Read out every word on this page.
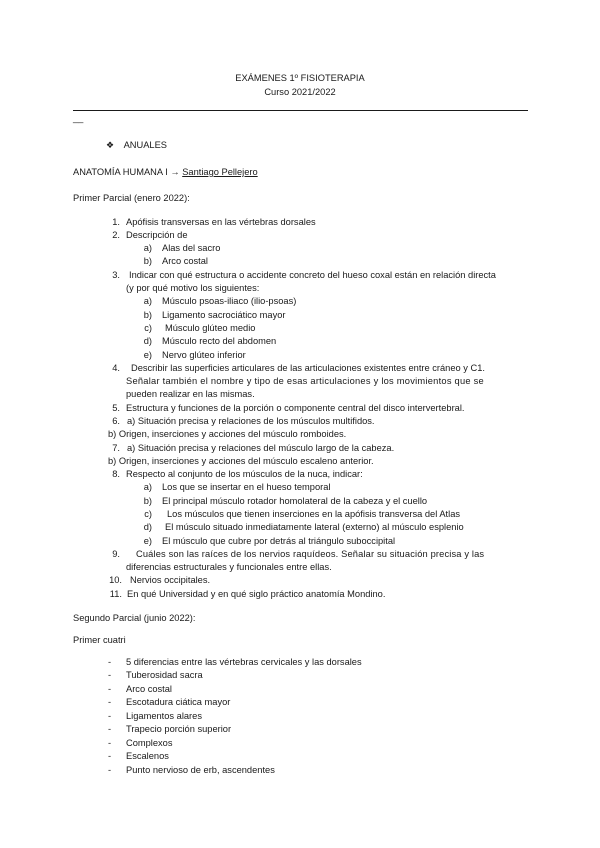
EXÁMENES 1º FISIOTERAPIA
Curso 2021/2022
__
❖ ANUALES
ANATOMÍA HUMANA I → Santiago Pellejero
Primer Parcial (enero 2022):
1. Apófisis transversas en las vértebras dorsales
2. Descripción de
a) Alas del sacro
b) Arco costal
3. Indicar con qué estructura o accidente concreto del hueso coxal están en relación directa
(y por qué motivo los siguientes:
a) Músculo psoas-iliaco (ilio-psoas)
b) Ligamento sacrociático mayor
c) Músculo glúteo medio
d) Músculo recto del abdomen
e) Nervo glúteo inferior
4. Describir las superficies articulares de las articulaciones existentes entre cráneo y C1.
Señalar también el nombre y tipo de esas articulaciones y los movimientos que se
pueden realizar en las mismas.
5. Estructura y funciones de la porción o componente central del disco intervertebral.
6. a) Situación precisa y relaciones de los músculos multifidos.
b) Origen, inserciones y acciones del músculo romboides.
7. a) Situación precisa y relaciones del músculo largo de la cabeza.
b) Origen, inserciones y acciones del músculo escaleno anterior.
8. Respecto al conjunto de los músculos de la nuca, indicar:
a) Los que se insertar en el hueso temporal
b) El principal músculo rotador homolateral de la cabeza y el cuello
c) Los músculos que tienen inserciones en la apófisis transversa del Atlas
d) El músculo situado inmediatamente lateral (externo) al músculo esplenio
e) El músculo que cubre por detrás al triángulo suboccipital
9. Cuáles son las raíces de los nervios raquídeos. Señalar su situación precisa y las
diferencias estructurales y funcionales entre ellas.
10. Nervios occipitales.
11. En qué Universidad y en qué siglo práctico anatomía Mondino.
Segundo Parcial (junio 2022):
Primer cuatri
- 5 diferencias entre las vértebras cervicales y las dorsales
- Tuberosidad sacra
- Arco costal
- Escotadura ciática mayor
- Ligamentos alares
- Trapecio porción superior
- Complexos
- Escalenos
- Punto nervioso de erb, ascendentes
